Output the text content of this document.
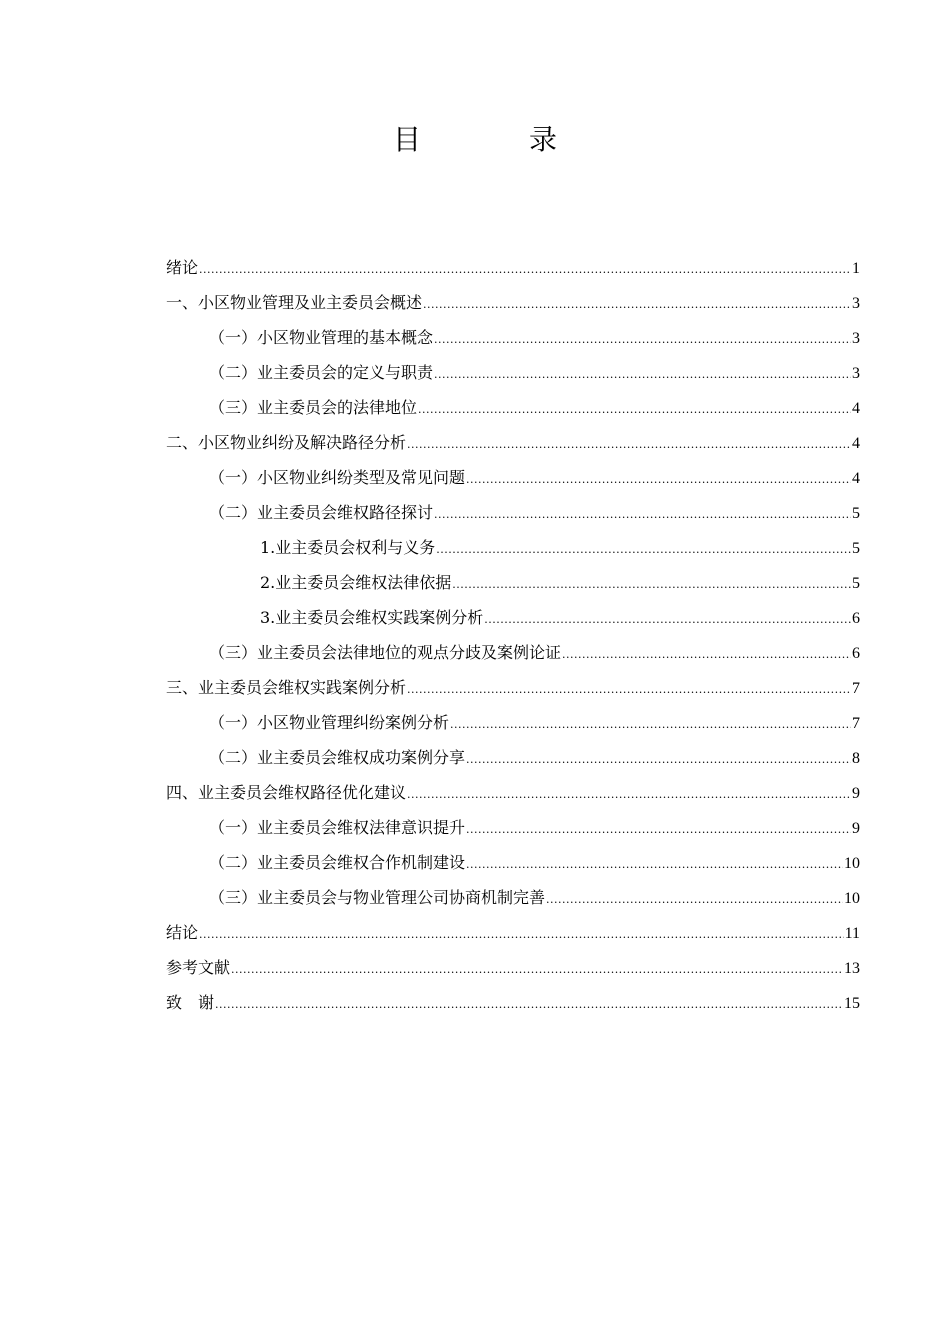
目　录
绪论 .....	1
一、小区物业管理及业主委员会概述 .....	3
（一）小区物业管理的基本概念 .....	3
（二）业主委员会的定义与职责 .....	3
（三）业主委员会的法律地位 .....	4
二、小区物业纠纷及解决路径分析 .....	4
（一）小区物业纠纷类型及常见问题 .....	4
（二）业主委员会维权路径探讨 .....	5
1.业主委员会权利与义务 .....	5
2.业主委员会维权法律依据 .....	5
3.业主委员会维权实践案例分析 .....	6
（三）业主委员会法律地位的观点分歧及案例论证 .....	6
三、业主委员会维权实践案例分析 .....	7
（一）小区物业管理纠纷案例分析 .....	7
（二）业主委员会维权成功案例分享 .....	8
四、业主委员会维权路径优化建议 .....	9
（一）业主委员会维权法律意识提升 .....	9
（二）业主委员会维权合作机制建设 .....	10
（三）业主委员会与物业管理公司协商机制完善 .....	10
结论 .....	11
参考文献 .....	13
致　谢 .....	15
